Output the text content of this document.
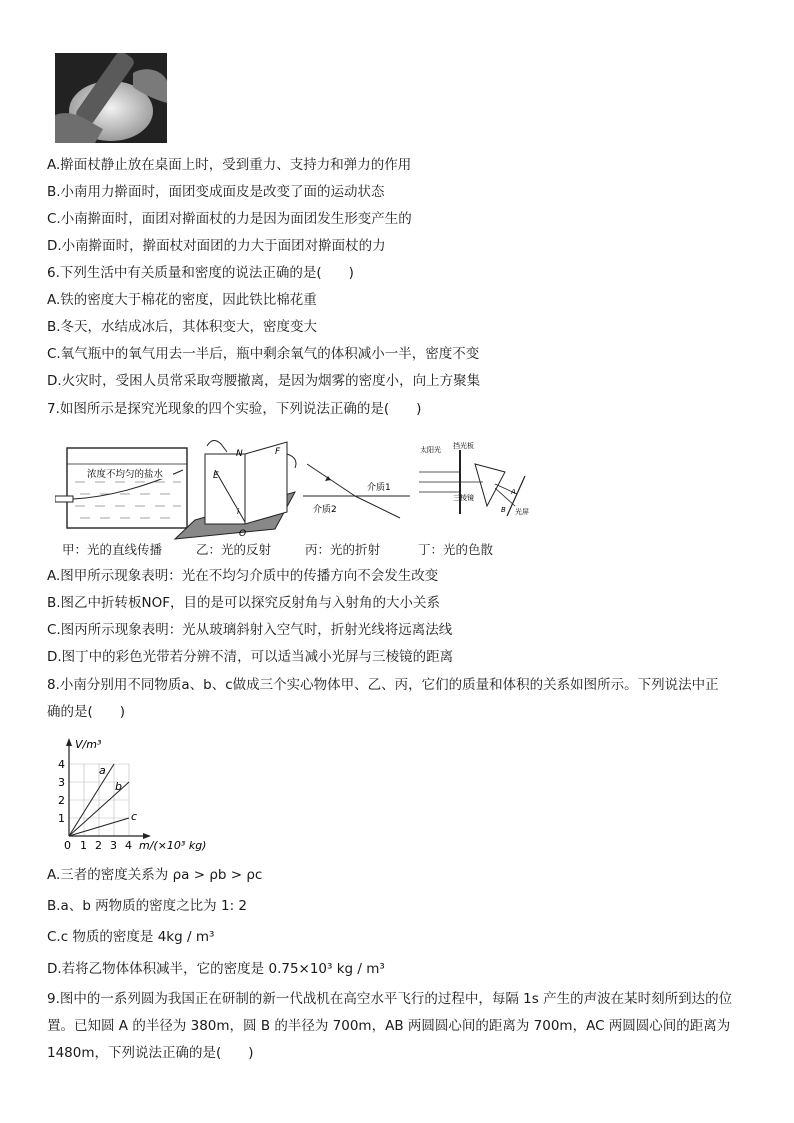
A.擀面杖静止放在桌面上时，受到重力、支持力和弹力的作用
B.小南用力擀面时，面团变成面皮是改变了面的运动状态
C.小南擀面时，面团对擀面杖的力是因为面团发生形变产生的
D.小南擀面时，擀面杖对面团的力大于面团对擀面杖的力
6.下列生活中有关质量和密度的说法正确的是(　　)
A.铁的密度大于棉花的密度，因此铁比棉花重
B.冬天，水结成冰后，其体积变大，密度变大
C.氧气瓶中的氧气用去一半后，瓶中剩余氧气的体积减小一半，密度不变
D.火灾时，受困人员常采取弯腰撤离，是因为烟雾的密度小，向上方聚集
7.如图所示是探究光现象的四个实验，下列说法正确的是(　　)
浓度不均匀的盐水
N	F
E
i
O
介质1
介质2
太阳光 挡光板
三棱镜
A
B 光屏
甲：光的直线传播	乙：光的反射	丙：光的折射	丁：光的色散
A.图甲所示现象表明：光在不均匀介质中的传播方向不会发生改变
B.图乙中折转板NOF，目的是可以探究反射角与入射角的大小关系
C.图丙所示现象表明：光从玻璃斜射入空气时，折射光线将远离法线
D.图丁中的彩色光带若分辨不清，可以适当减小光屏与三棱镜的距离
8.小南分别用不同物质a、b、c做成三个实心物体甲、乙、丙，它们的质量和体积的关系如图所示。下列说法中正
确的是(　　)
V/m³
1
2
3
4
0 1 2 3 4 m/(×10³ kg)
a
b
c
A.三者的密度关系为 ρa > ρb > ρc
B.a、b 两物质的密度之比为 1: 2
C.c 物质的密度是 4kg / m³
D.若将乙物体体积减半，它的密度是 0.75×10³ kg / m³
9.图中的一系列圆为我国正在研制的新一代战机在高空水平飞行的过程中，每隔 1s 产生的声波在某时刻所到达的位
置。已知圆 A 的半径为 380m，圆 B 的半径为 700m，AB 两圆圆心间的距离为 700m，AC 两圆圆心间的距离为
1480m，下列说法正确的是(　　)
